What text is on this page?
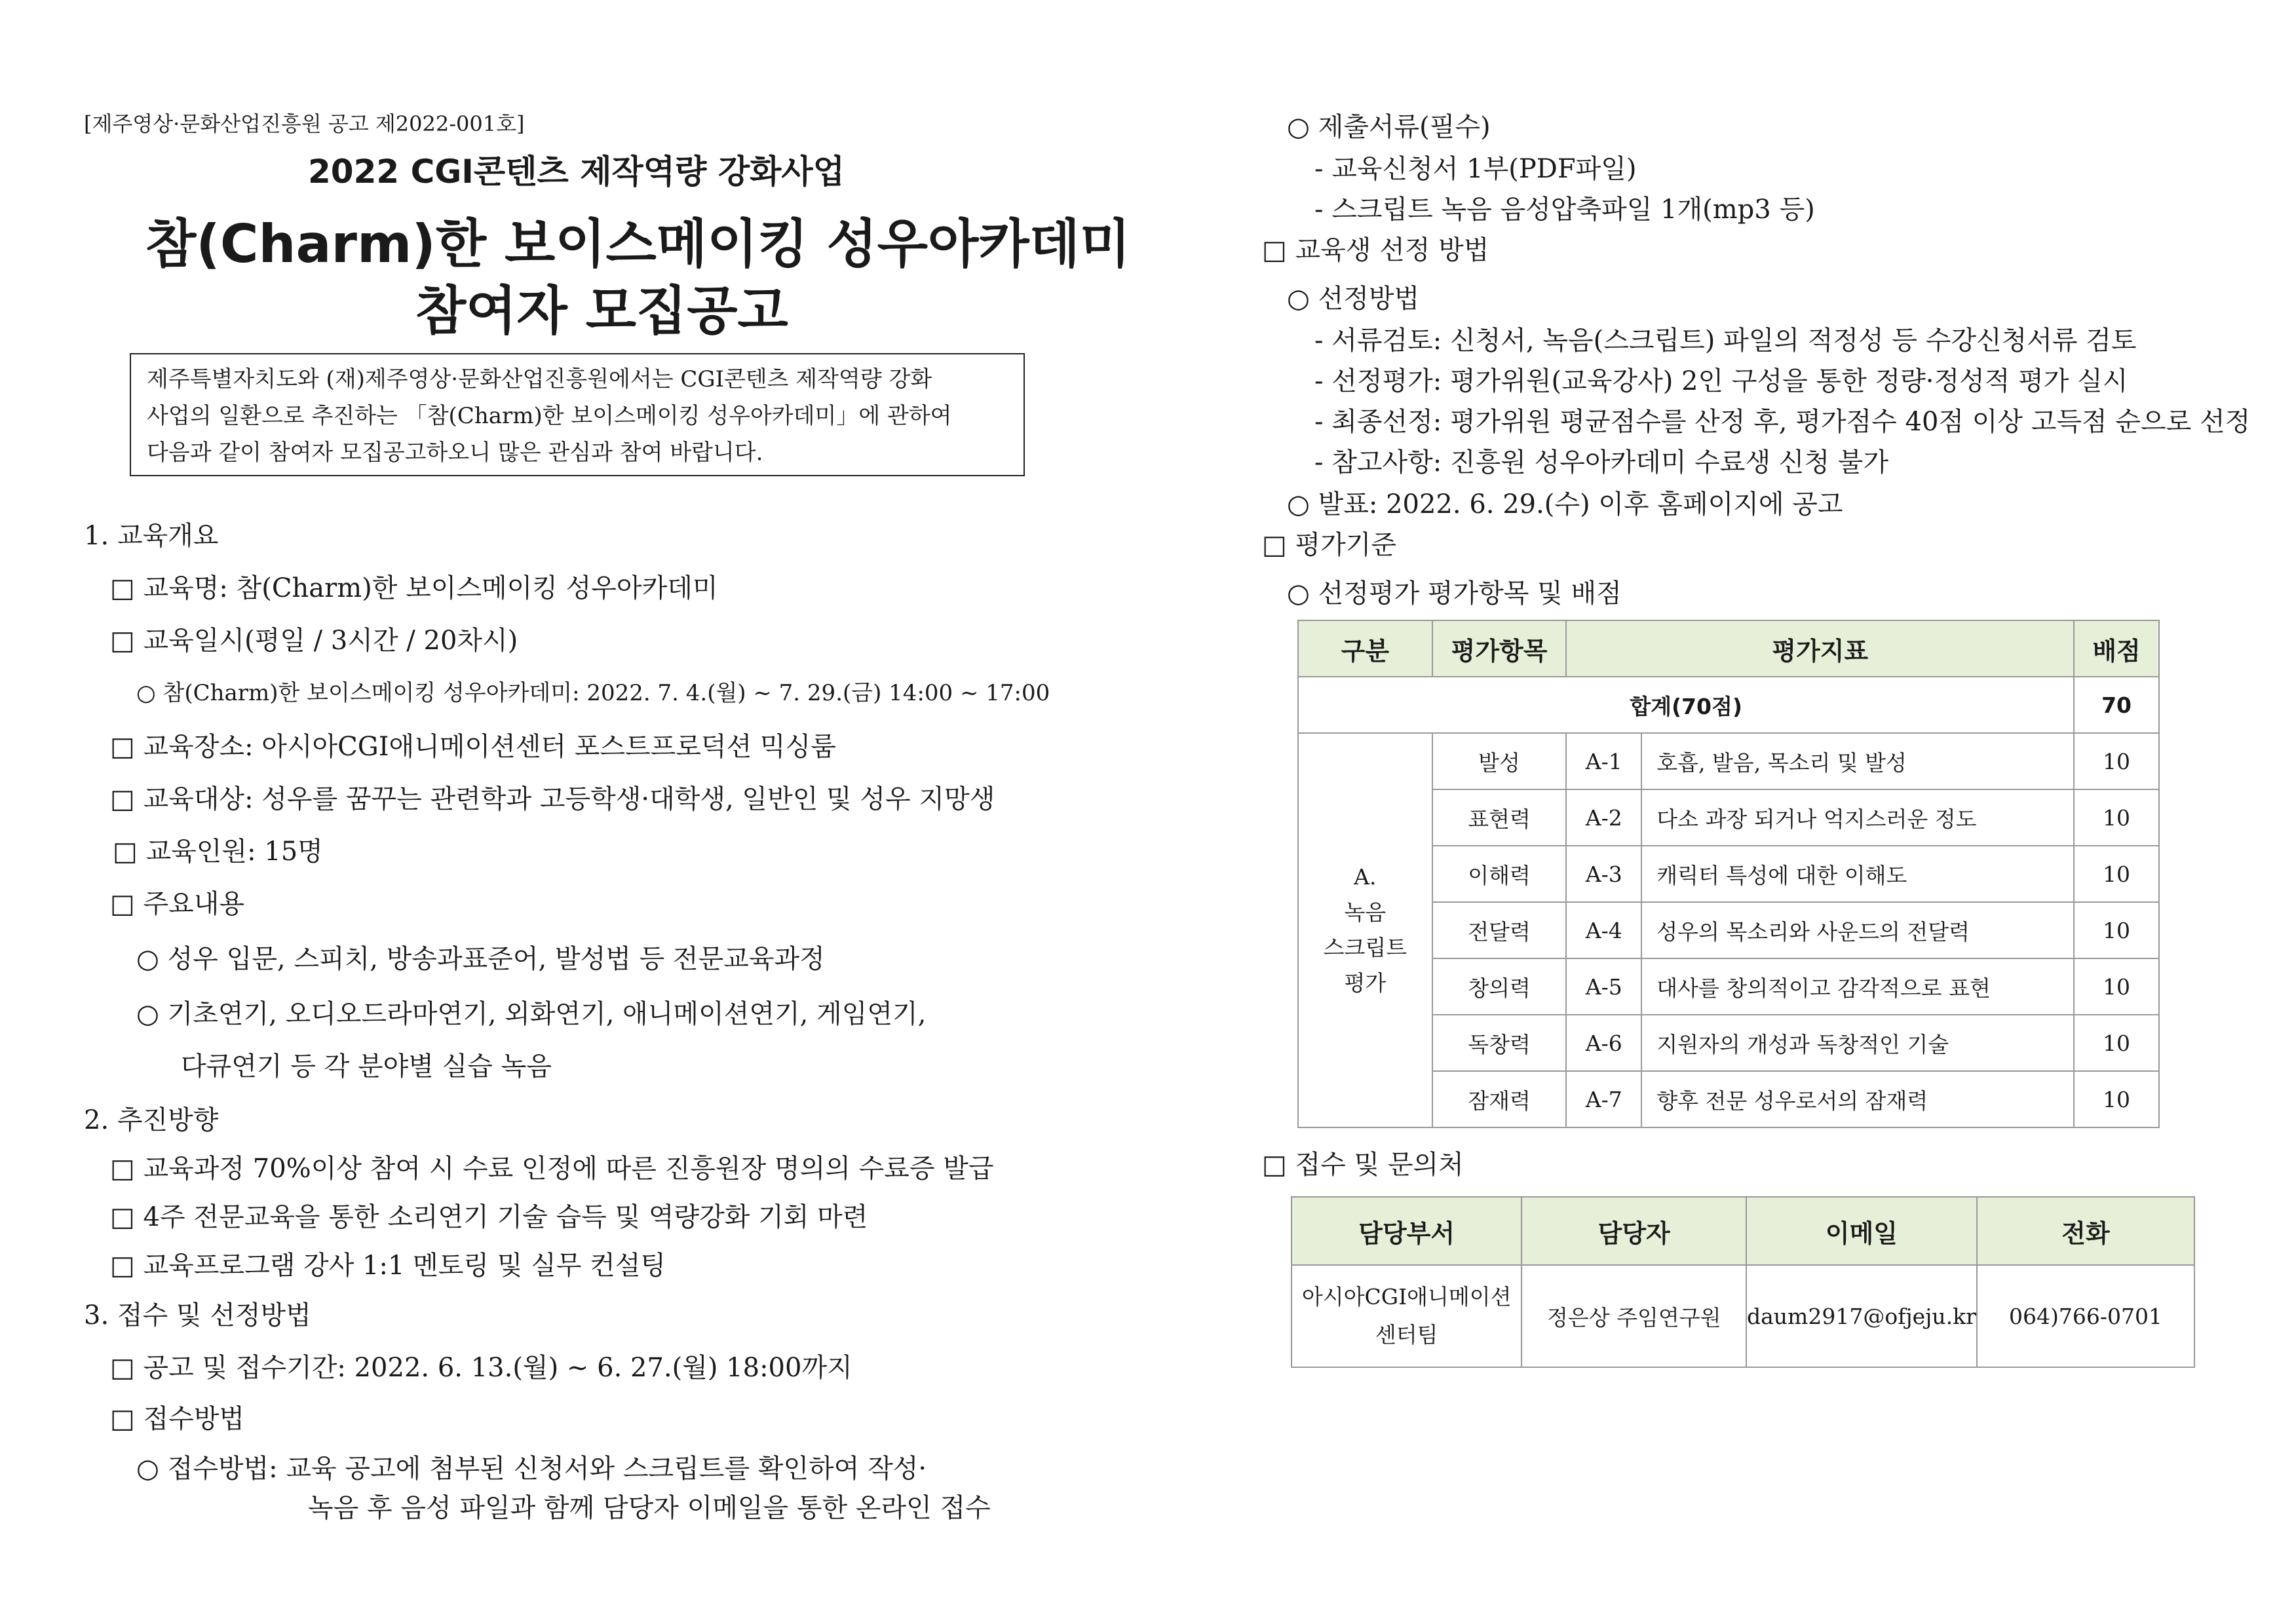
[제주영상·문화산업진흥원 공고 제2022-001호]
2022 CGI콘텐츠 제작역량 강화사업
참(Charm)한 보이스메이킹 성우아카데미
참여자 모집공고
제주특별자치도와 (재)제주영상·문화산업진흥원에서는 CGI콘텐츠 제작역량 강화
사업의 일환으로 추진하는 「참(Charm)한 보이스메이킹 성우아카데미」에 관하여
다음과 같이 참여자 모집공고하오니 많은 관심과 참여 바랍니다.
1. 교육개요
□ 교육명: 참(Charm)한 보이스메이킹 성우아카데미
□ 교육일시(평일 / 3시간 / 20차시)
○ 참(Charm)한 보이스메이킹 성우아카데미: 2022. 7. 4.(월) ~ 7. 29.(금) 14:00 ~ 17:00
□ 교육장소: 아시아CGI애니메이션센터 포스트프로덕션 믹싱룸
□ 교육대상: 성우를 꿈꾸는 관련학과 고등학생·대학생, 일반인 및 성우 지망생
□ 교육인원: 15명
□ 주요내용
○ 성우 입문, 스피치, 방송과표준어, 발성법 등 전문교육과정
○ 기초연기, 오디오드라마연기, 외화연기, 애니메이션연기, 게임연기,
다큐연기 등 각 분야별 실습 녹음
2. 추진방향
□ 교육과정 70%이상 참여 시 수료 인정에 따른 진흥원장 명의의 수료증 발급
□ 4주 전문교육을 통한 소리연기 기술 습득 및 역량강화 기회 마련
□ 교육프로그램 강사 1:1 멘토링 및 실무 컨설팅
3. 접수 및 선정방법
□ 공고 및 접수기간: 2022. 6. 13.(월) ~ 6. 27.(월) 18:00까지
□ 접수방법
○ 접수방법: 교육 공고에 첨부된 신청서와 스크립트를 확인하여 작성·
녹음 후 음성 파일과 함께 담당자 이메일을 통한 온라인 접수
○ 제출서류(필수)
- 교육신청서 1부(PDF파일)
- 스크립트 녹음 음성압축파일 1개(mp3 등)
□ 교육생 선정 방법
○ 선정방법
- 서류검토: 신청서, 녹음(스크립트) 파일의 적정성 등 수강신청서류 검토
- 선정평가: 평가위원(교육강사) 2인 구성을 통한 정량·정성적 평가 실시
- 최종선정: 평가위원 평균점수를 산정 후, 평가점수 40점 이상 고득점 순으로 선정
- 참고사항: 진흥원 성우아카데미 수료생 신청 불가
○ 발표: 2022. 6. 29.(수) 이후 홈페이지에 공고
□ 평가기준
○ 선정평가 평가항목 및 배점
구분	평가항목	평가지표		배점
합계(70점)				70

A.
녹음
스크립트
평가	발성	A-1	호흡, 발음, 목소리 및 발성	10
	표현력	A-2	다소 과장 되거나 억지스러운 정도	10
	이해력	A-3	캐릭터 특성에 대한 이해도	10
	전달력	A-4	성우의 목소리와 사운드의 전달력	10
	창의력	A-5	대사를 창의적이고 감각적으로 표현	10
	독창력	A-6	지원자의 개성과 독창적인 기술	10
	잠재력	A-7	향후 전문 성우로서의 잠재력	10
□ 접수 및 문의처
담당부서	담당자	이메일	전화

아시아CGI애니메이션
센터팀	정은상 주임연구원	daum2917@ofjeju.kr	064)766-0701
